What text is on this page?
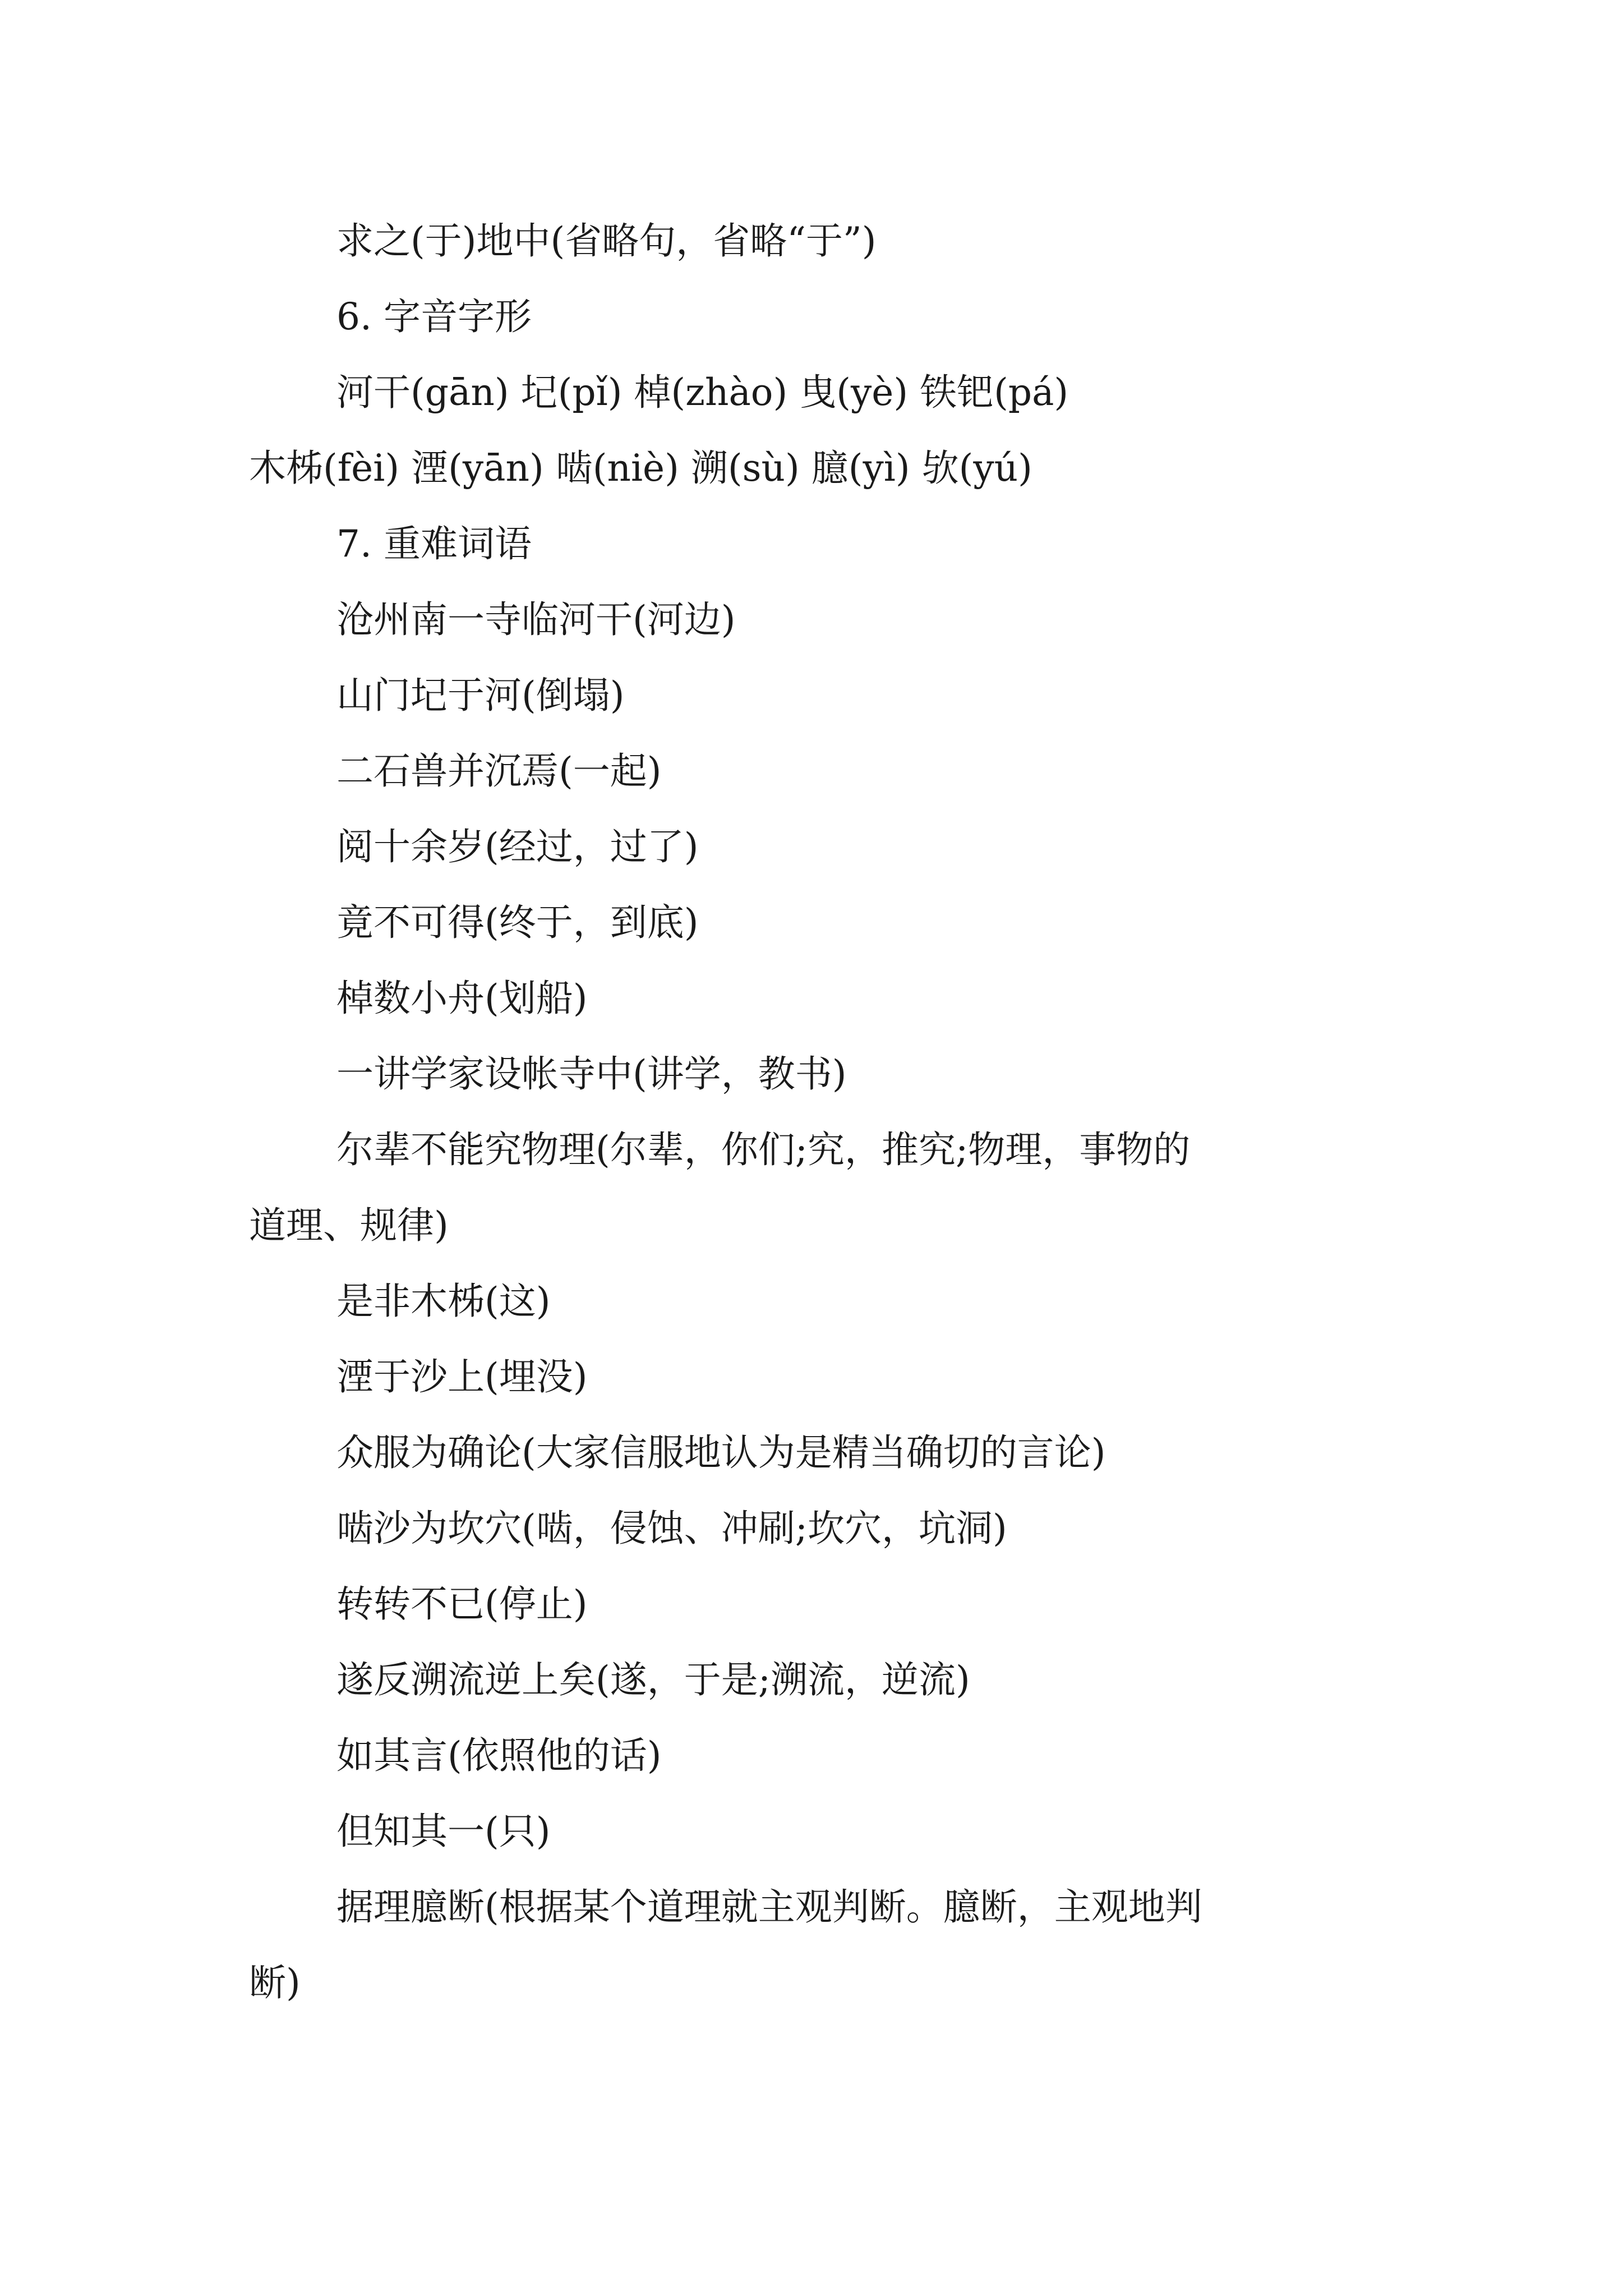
求之(于)地中(省略句，省略“于”)
6. 字音字形
河干(gān) 圮(pǐ) 棹(zhào) 曳(yè) 铁钯(pá)
木柹(fèi) 湮(yān) 啮(niè) 溯(sù) 臆(yì) 欤(yú)
7. 重难词语
沧州南一寺临河干(河边)
山门圮于河(倒塌)
二石兽并沉焉(一起)
阅十余岁(经过，过了)
竟不可得(终于，到底)
棹数小舟(划船)
一讲学家设帐寺中(讲学，教书)
尔辈不能究物理(尔辈，你们;究，推究;物理，事物的
道理、规律)
是非木柹(这)
湮于沙上(埋没)
众服为确论(大家信服地认为是精当确切的言论)
啮沙为坎穴(啮，侵蚀、冲刷;坎穴，坑洞)
转转不已(停止)
遂反溯流逆上矣(遂，于是;溯流，逆流)
如其言(依照他的话)
但知其一(只)
据理臆断(根据某个道理就主观判断。臆断，主观地判
断)
